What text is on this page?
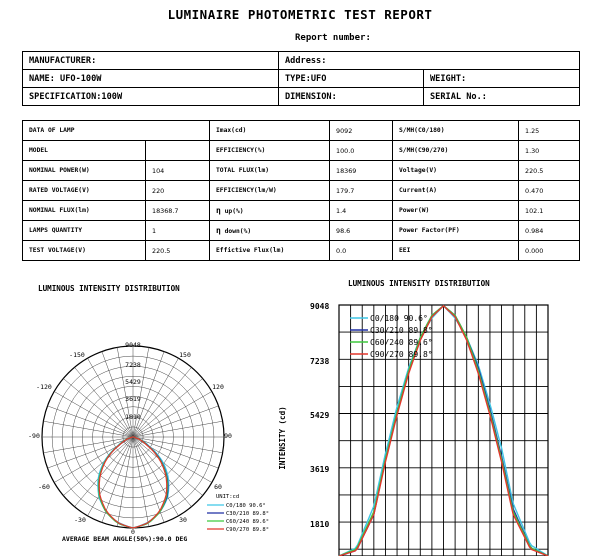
LUMINAIRE PHOTOMETRIC TEST REPORT
Report number:
MANUFACTURER:	Address:	
NAME: UFO-100W	TYPE:UFO	WEIGHT:
SPECIFICATION:100W	DIMENSION:	SERIAL No.:
DATA OF LAMP		Imax(cd)	9092	S/MH(C0/180)	1.25
MODEL		EFFICIENCY(%)	100.0	S/MH(C90/270)	1.30
NOMINAL POWER(W)	104	TOTAL FLUX(lm)	18369	Voltage(V)	220.5
RATED VOLTAGE(V)	220	EFFICIENCY(lm/W)	179.7	Current(A)	0.470
NOMINAL FLUX(lm)	18368.7	η up(%)	1.4	Power(W)	102.1
LAMPS QUANTITY	1	η down(%)	98.6	Power Factor(PF)	0.984
TEST VOLTAGE(V)	220.5	Effictive Flux(lm)	0.0	EEI	0.000
LUMINOUS INTENSITY DISTRIBUTION
9048
7238
5429
3619
1810
-150	150
-120	120
-90	90
-60	60
-30	30
0
UNIT:cd
C0/180 90.6°
C30/210 89.8°
C60/240 89.6°
C90/270 89.8°
AVERAGE BEAM ANGLE(50%):90.0 DEG
LUMINOUS INTENSITY DISTRIBUTION
9048
7238
5429
3619
1810
INTENSITY (cd)
C0/180 90.6°
C30/210 89.8°
C60/240 89.6°
C90/270 89.8°
